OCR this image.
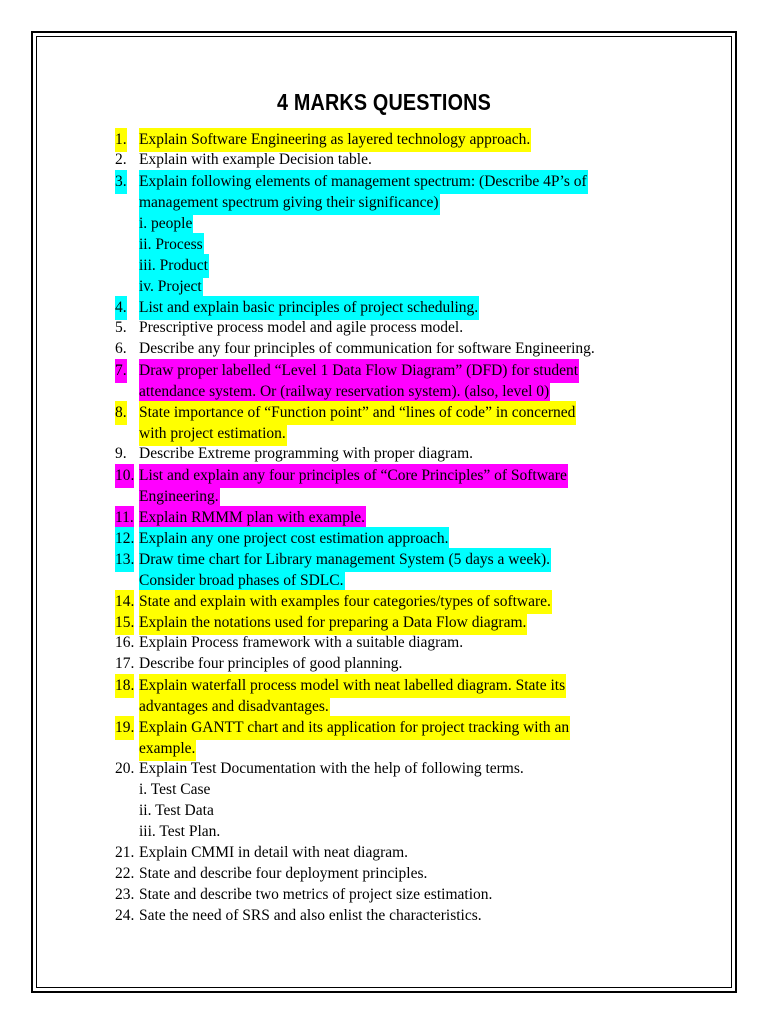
4 MARKS QUESTIONS
1. Explain Software Engineering as layered technology approach.
2. Explain with example Decision table.
3. Explain following elements of management spectrum: (Describe 4P’s of
management spectrum giving their significance)
i. people
ii. Process
iii. Product
iv. Project
4. List and explain basic principles of project scheduling.
5. Prescriptive process model and agile process model.
6. Describe any four principles of communication for software Engineering.
7. Draw proper labelled “Level 1 Data Flow Diagram” (DFD) for student
attendance system. Or (railway reservation system). (also, level 0)
8. State importance of “Function point” and “lines of code” in concerned
with project estimation.
9. Describe Extreme programming with proper diagram.
10. List and explain any four principles of “Core Principles” of Software
Engineering.
11. Explain RMMM plan with example.
12. Explain any one project cost estimation approach.
13. Draw time chart for Library management System (5 days a week).
Consider broad phases of SDLC.
14. State and explain with examples four categories/types of software.
15. Explain the notations used for preparing a Data Flow diagram.
16. Explain Process framework with a suitable diagram.
17. Describe four principles of good planning.
18. Explain waterfall process model with neat labelled diagram. State its
advantages and disadvantages.
19. Explain GANTT chart and its application for project tracking with an
example.
20. Explain Test Documentation with the help of following terms.
i. Test Case
ii. Test Data
iii. Test Plan.
21. Explain CMMI in detail with neat diagram.
22. State and describe four deployment principles.
23. State and describe two metrics of project size estimation.
24. Sate the need of SRS and also enlist the characteristics.
